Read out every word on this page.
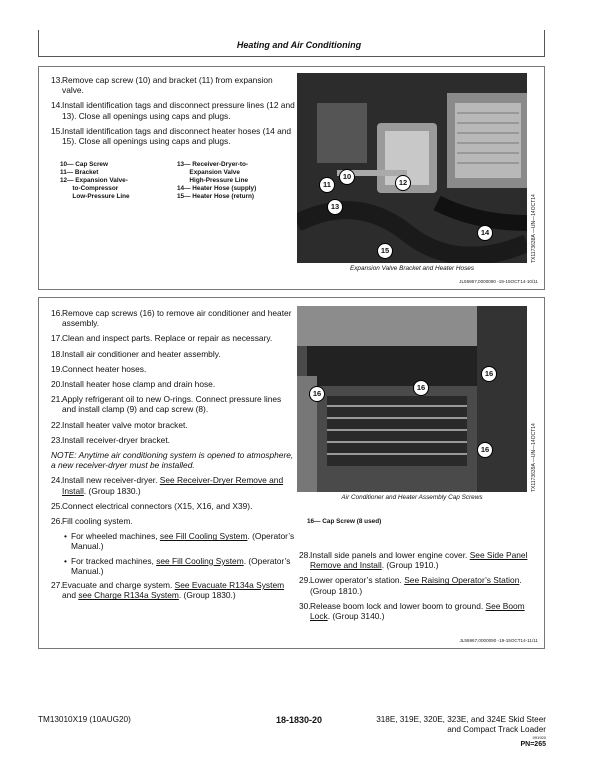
Heating and Air Conditioning
13. Remove cap screw (10) and bracket (11) from expansion valve.
14. Install identification tags and disconnect pressure lines (12 and 13). Close all openings using caps and plugs.
15. Install identification tags and disconnect heater hoses (14 and 15). Close all openings using caps and plugs.
10— Cap Screw
11— Bracket
12— Expansion Valve-
to-Compressor
Low-Pressure Line
13— Receiver-Dryer-to-
Expansion Valve
High-Pressure Line
14— Heater Hose (supply)
15— Heater Hose (return)
10
11	12
13
14
15	TX1173638A —UN—14OCT14
Expansion Valve Bracket and Heater Hoses
JL55967,0000090 -19-15OCT14-10/11
16. Remove cap screws (16) to remove air conditioner and heater assembly.
17. Clean and inspect parts. Replace or repair as necessary.
18. Install air conditioner and heater assembly.
19. Connect heater hoses.
20. Install heater hose clamp and drain hose.
21. Apply refrigerant oil to new O-rings. Connect pressure lines and install clamp (9) and cap screw (8).
22. Install heater valve motor bracket.
23. Install receiver-dryer bracket.
NOTE: Anytime air conditioning system is opened to atmosphere, a new receiver-dryer must be installed.
24. Install new receiver-dryer. See Receiver-Dryer Remove and Install. (Group 1830.)
25. Connect electrical connectors (X15, X16, and X39).
26. Fill cooling system.
• For wheeled machines, see Fill Cooling System. (Operator’s Manual.)
• For tracked machines, see Fill Cooling System. (Operator’s Manual.)
27. Evacuate and charge system. See Evacuate R134a System and see Charge R134a System. (Group 1830.)
16
16
16
16	TX1173639A —UN—14OCT14
Air Conditioner and Heater Assembly Cap Screws
16— Cap Screw (8 used)
28. Install side panels and lower engine cover. See Side Panel Remove and Install. (Group 1910.)
29. Lower operator’s station. See Raising Operator’s Station. (Group 1810.)
30. Release boom lock and lower boom to ground. See Boom Lock. (Group 3140.)
JL55967,0000090 -19-15OCT14-11/11
TM13010X19 (10AUG20)	18-1830-20	318E, 319E, 320E, 323E, and 324E Skid Steer
and Compact Track Loader
091920
PN=265
